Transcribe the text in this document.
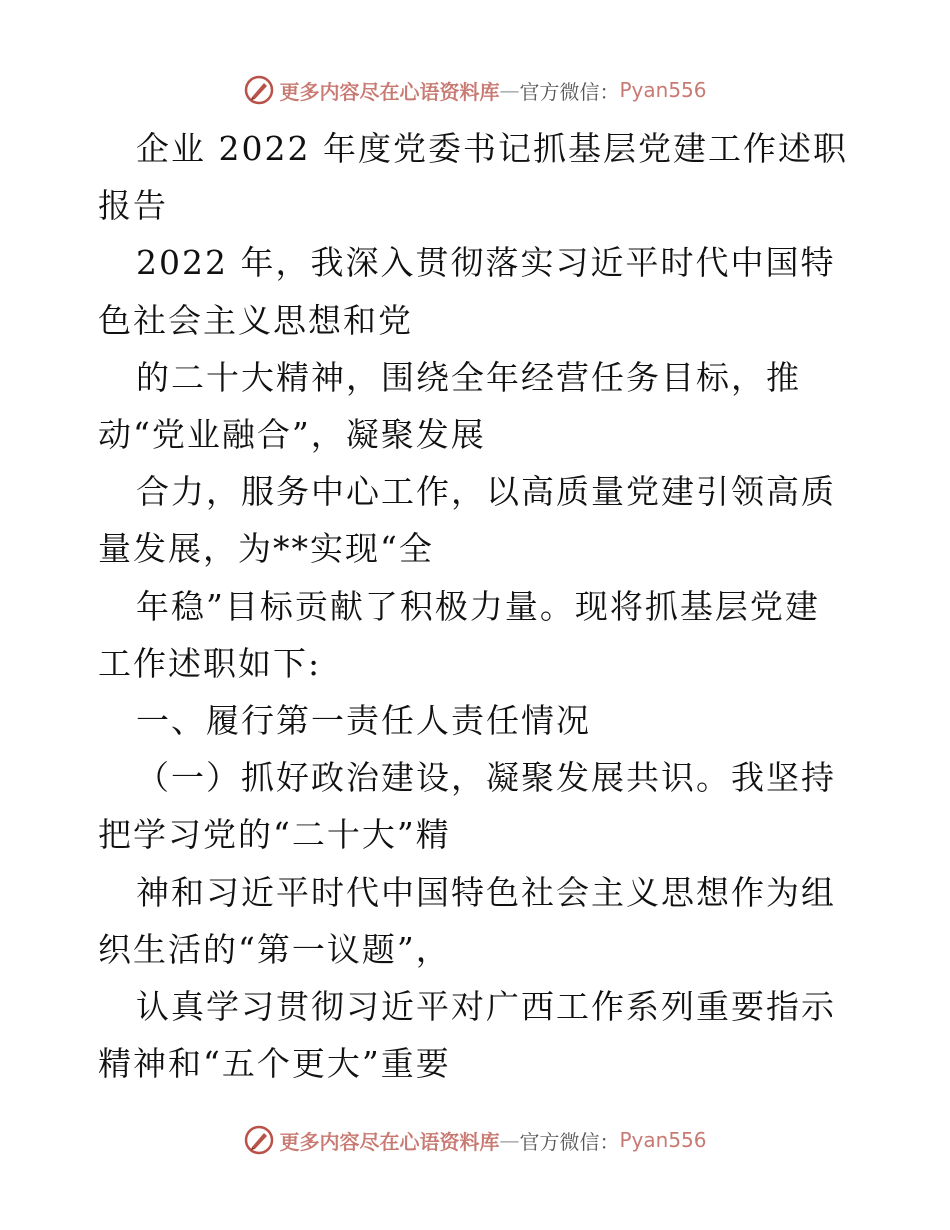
更多内容尽在心语资料库 — 官方微信： Pyan556

企业 2022 年度党委书记抓基层党建工作述职报告

2022 年，我深入贯彻落实习近平时代中国特色社会主义思想和党

的二十大精神，围绕全年经营任务目标，推动“党业融合”，凝聚发展

合力，服务中心工作，以高质量党建引领高质量发展，为**实现“全

年稳”目标贡献了积极力量。现将抓基层党建工作述职如下:

一、履行第一责任人责任情况

（一）抓好政治建设，凝聚发展共识。我坚持把学习党的“二十大”精

神和习近平时代中国特色社会主义思想作为组织生活的“第一议题”，

认真学习贯彻习近平对广西工作系列重要指示精神和“五个更大”重要

更多内容尽在心语资料库 — 官方微信： Pyan556
